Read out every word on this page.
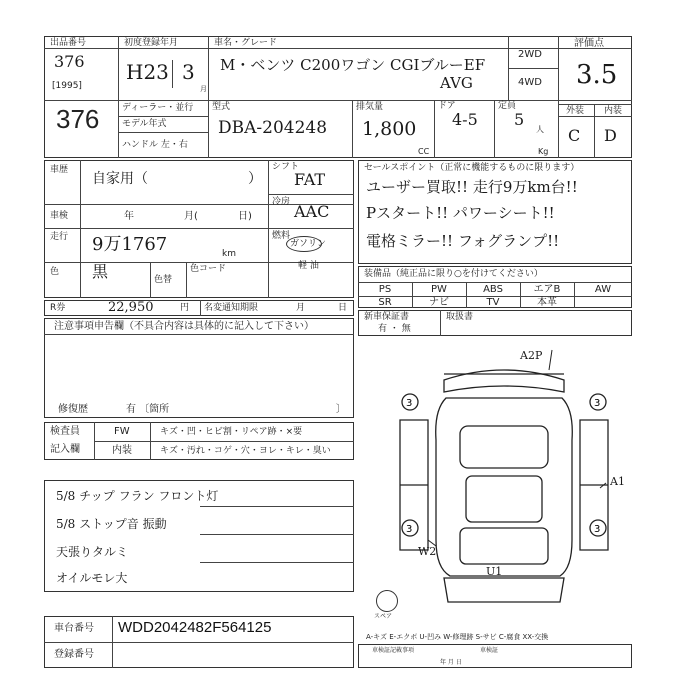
出品番号
376
[1995]
376
初度登録年月
H23 3
月
車名・グレード
M・ベンツ C200ワゴン CGIブルーEF
AVG
2WD
4WD
評価点
3.5
ディーラー・並行
モデル年式
ハンドル 左・右
型式
DBA-204248
排気量
1,800
CC
ドア
4-5
定員
5
人
Kg
外装 内装
C D
車歴
自家用（	）
車検	年	月(	日)
走行 9万1767	km
色 黒	色替
色コード
シフト
FAT
冷房 AAC
燃料
ガソリン
軽 油
セールスポイント（正常に機能するものに限ります）
ユーザー買取!! 走行9万km台!!
Pスタート!! パワーシート!!
電格ミラー!! フォグランプ!!
装備品（純正品に限り○を付けてください）
PS	PW	ABS	エアB	AW
SR	ナビ	TV	本革
新車保証書
有 ・ 無
取扱書
R券	22,950	円 名変通知期限	月	日
注意事項申告欄（不具合内容は具体的に記入して下さい）
修復歴	有 〔箇所	〕
検査員
記入欄
FW	キズ・凹・ヒビ割・リペア跡・×要
内装	キズ・汚れ・コゲ・穴・ヨレ・キレ・臭い
5/8 チップ フラン フロント灯
5/8 ストップ音 振動
天張りタルミ
オイルモレ大
3	3
3	3
A2P
A1
W2
U1
スペア
A-キズ E-エクボ U-凹み W-修理跡 S-サビ C-腐食 XX-交換
車台番号 WDD2042482F564125
登録番号	車検証記載事項	車検証
年 月 日
